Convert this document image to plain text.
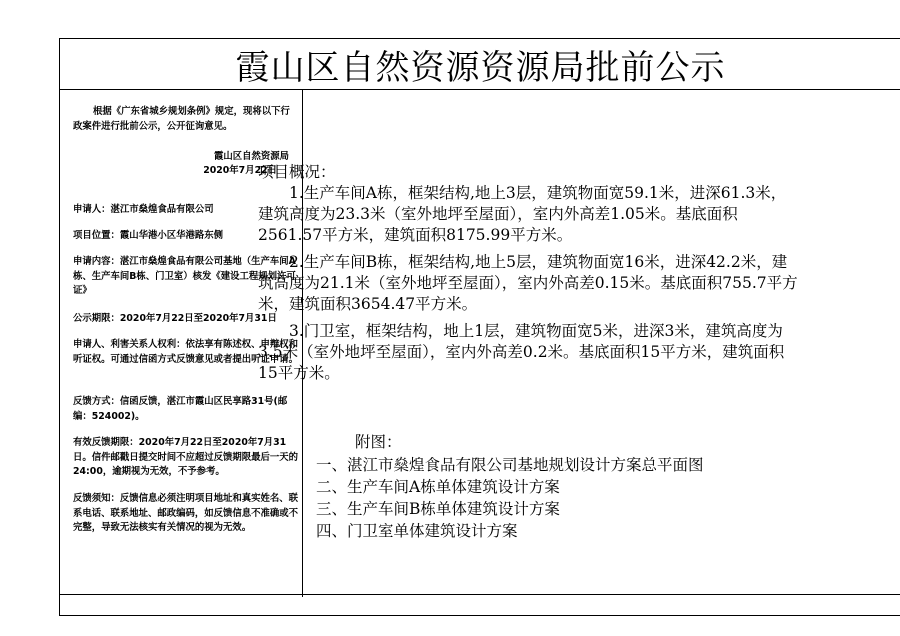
霞山区自然资源资源局批前公示
根据《广东省城乡规划条例》规定，现将以下行政案件进行批前公示，公开征询意见。
霞山区自然资源局
2020年7月22日
申请人：湛江市燊煌食品有限公司
项目位置：霞山华港小区华港路东侧
申请内容：湛江市燊煌食品有限公司基地（生产车间A栋、生产车间B栋、门卫室）核发《建设工程规划许可证》
公示期限：2020年7月22日至2020年7月31日
申请人、利害关系人权利：依法享有陈述权、申辩权和听证权。可通过信函方式反馈意见或者提出听证申请。
反馈方式：信函反馈，湛江市霞山区民享路31号(邮编：524002)。
有效反馈期限：2020年7月22日至2020年7月31日。信件邮戳日提交时间不应超过反馈期限最后一天的24:00，逾期视为无效，不予参考。
反馈须知：反馈信息必须注明项目地址和真实姓名、联系电话、联系地址、邮政编码，如反馈信息不准确或不完整，导致无法核实有关情况的视为无效。
项目概况：
1.生产车间A栋，框架结构,地上3层，建筑物面宽59.1米，进深61.3米，建筑高度为23.3米（室外地坪至屋面），室内外高差1.05米。基底面积2561.57平方米，建筑面积8175.99平方米。
2.生产车间B栋，框架结构,地上5层，建筑物面宽16米，进深42.2米，建筑高度为21.1米（室外地坪至屋面），室内外高差0.15米。基底面积755.7平方米，建筑面积3654.47平方米。
3.门卫室，框架结构，地上1层，建筑物面宽5米，进深3米，建筑高度为3.5米（室外地坪至屋面），室内外高差0.2米。基底面积15平方米，建筑面积15平方米。
附图：
一、湛江市燊煌食品有限公司基地规划设计方案总平面图
二、生产车间A栋单体建筑设计方案
三、生产车间B栋单体建筑设计方案
四、门卫室单体建筑设计方案
